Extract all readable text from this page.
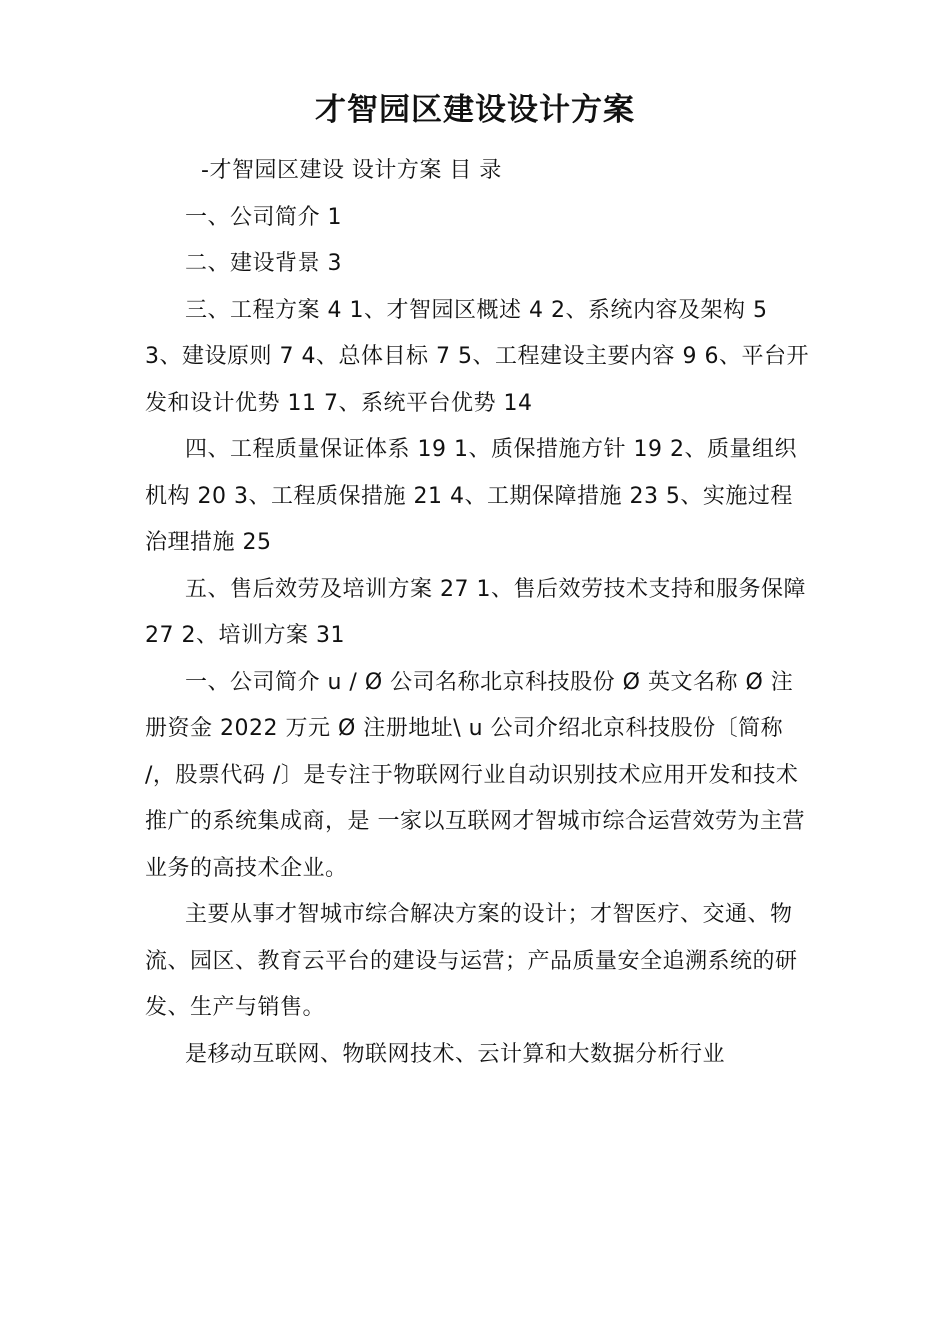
才智园区建设设计方案

-才智园区建设 设计方案 目 录

一、公司简介 1

二、建设背景 3

三、工程方案 4 1、才智园区概述 4 2、系统内容及架构 5 3、建设原则 7 4、总体目标 7 5、工程建设主要内容 9 6、平台开发和设计优势 11 7、系统平台优势 14

四、工程质量保证体系 19 1、质保措施方针 19 2、质量组织机构 20 3、工程质保措施 21 4、工期保障措施 23 5、实施过程治理措施 25

五、售后效劳及培训方案 27 1、售后效劳技术支持和服务保障 27 2、培训方案 31

一、公司简介 u / Ø 公司名称北京科技股份 Ø 英文名称 Ø 注册资金 2022 万元 Ø 注册地址\ u 公司介绍北京科技股份〔简称 /，股票代码 /〕是专注于物联网行业自动识别技术应用开发和技术推广的系统集成商，是 一家以互联网才智城市综合运营效劳为主营业务的高技术企业。

主要从事才智城市综合解决方案的设计；才智医疗、交通、物流、园区、教育云平台的建设与运营；产品质量安全追溯系统的研发、生产与销售。

是移动互联网、物联网技术、云计算和大数据分析行业
